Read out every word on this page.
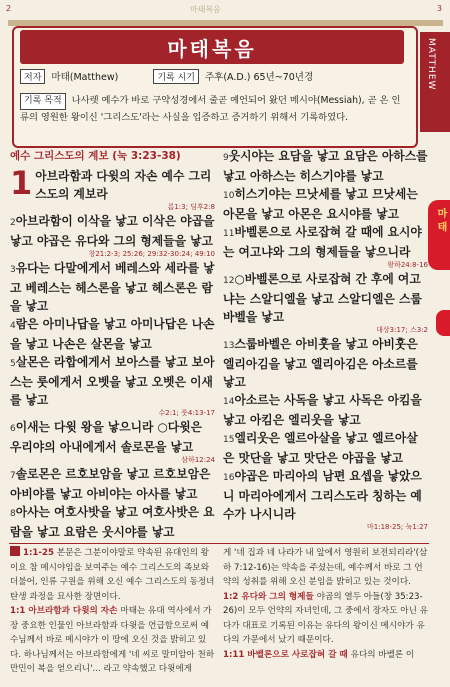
2	마태복음	3
마태복음
저자 마태(Matthew)	기록 시기 주후(A.D.) 65년~70년경
기록 목적 나사렛 예수가 바로 구약성경에서 줄곧 예언되어 왔던 메시야(Messiah), 곧 온 인류의 영원한 왕이신 '그리스도'라는 사실을 입증하고 증거하기 위해서 기록하였다.
MATTHEW
마 태
예수 그리스도의 계보 (눅 3:23-38)
1 아브라함과 다윗의 자손 예수 그리스도의 계보라
롬1:3; 딤후2:8

2아브라함이 이삭을 낳고 이삭은 야곱을 낳고 야곱은 유다와 그의 형제들을 낳고
창21:2-3; 25:26; 29:32-30:24; 49:10

3유다는 다말에게서 베레스와 세라를 낳고 베레스는 헤스론을 낳고 헤스론은 람을 낳고

4람은 아미나답을 낳고 아미나답은 나손을 낳고 나손은 살몬을 낳고

5살몬은 라합에게서 보아스를 낳고 보아스는 룻에게서 오벳을 낳고 오벳은 이새를 낳고
수2:1; 룻4:13-17

6이새는 다윗 왕을 낳으니라 ○다윗은 우리야의 아내에게서 솔로몬을 낳고
삼하12:24

7솔로몬은 르호보암을 낳고 르호보암은 아비야를 낳고 아비야는 아사를 낳고

8아사는 여호사밧을 낳고 여호사밧은 요람을 낳고 요람은 웃시야를 낳고

9웃시야는 요담을 낳고 요담은 아하스를 낳고 아하스는 히스기야를 낳고

10히스기야는 므낫세를 낳고 므낫세는 아몬을 낳고 아몬은 요시야를 낳고

11바벨론으로 사로잡혀 갈 때에 요시야는 여고냐와 그의 형제들을 낳으니라
왕하24:8-16

12○바벨론으로 사로잡혀 간 후에 여고냐는 스알디엘을 낳고 스알디엘은 스룹바벨을 낳고
대상3:17; 스3:2

13스룹바벨은 아비훗을 낳고 아비훗은 엘리아김을 낳고 엘리아김은 아소르를 낳고

14아소르는 사독을 낳고 사독은 아킴을 낳고 아킴은 엘리웃을 낳고

15엘리웃은 엘르아살을 낳고 엘르아살은 맛단을 낳고 맛단은 야곱을 낳고

16야곱은 마리아의 남편 요셉을 낳았으니 마리아에게서 그리스도라 칭하는 예수가 나시니라
마1:18-25; 눅1:27

1:1-25 본문은 그분이야말로 약속된 유대인의 왕이요 참 메시야임을 보여주는 예수 그리스도의 족보와 더불어, 인류 구원을 위해 오신 예수 그리스도의 동정녀 탄생 과정을 묘사한 장면이다.
1:1 아브라함과 다윗의 자손 마태는 유대 역사에서 가장 중요한 인물인 아브라함과 다윗을 언급함으로써 예수님께서 바로 메시야가 이 땅에 오신 것을 밝히고 있다. 하나님께서는 아브라함에게 '네 씨로 말미암아 천하 만민이 복을 얻으리니'... 라고 약속했고 다윗에게
게 '네 집과 네 나라가 내 앞에서 영원히 보전되리라'(삼하 7:12-16)는 약속을 주셨는데, 예수께서 바로 그 언약의 성취를 위해 오신 분임을 밝히고 있는 것이다.
1:2 유다와 그의 형제들 야곱의 열두 아들(창 35:23-26)이 모두 언약의 자녀인데, 그 중에서 장자도 아닌 유다가 대표로 기록된 이유는 유다의 왕이신 메시야가 유다의 가문에서 났기 때문이다.
1:11 바벨론으로 사로잡혀 갈 때 유다의 바벨론 이
